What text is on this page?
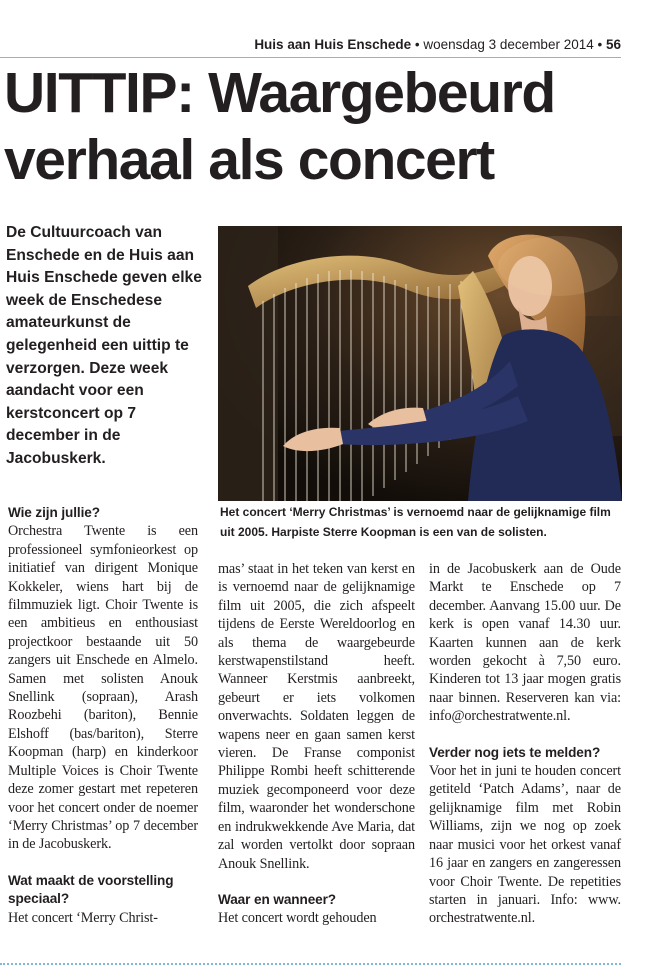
Huis aan Huis Enschede • woensdag 3 december 2014 • 56
UITTIP: Waargebeurd
verhaal als concert

De Cultuurcoach van Enschede en de Huis aan Huis Enschede geven elke week de Enschedese amateurkunst de gelegenheid een uittip te verzorgen. Deze week aandacht voor een kerstconcert op 7 december in de Jacobuskerk.

Het concert ‘Merry Christmas’ is vernoemd naar de gelijknamige film uit 2005. Harpiste Sterre Koopman is een van de solisten.

Wie zijn jullie?

Orchestra Twente is een professioneel symfonieorkest op initiatief van dirigent Monique Kokkeler, wiens hart bij de filmmuziek ligt. Choir Twente is een ambitieus en enthousiast projectkoor bestaande uit 50 zangers uit Enschede en Almelo. Samen met solisten Anouk Snellink (sopraan), Arash Roozbehi (bariton), Bennie Elshoff (bas/bariton), Sterre Koopman (harp) en kinderkoor Multiple Voices is Choir Twente deze zomer gestart met repeteren voor het concert onder de noemer ‘Merry Christmas’ op 7 december in de Jacobuskerk.

Wat maakt de voorstelling speciaal?

Het concert ‘Merry Christ-

mas’ staat in het teken van kerst en is vernoemd naar de gelijknamige film uit 2005, die zich afspeelt tijdens de Eerste Wereldoorlog en als thema de waargebeurde kerstwapenstilstand heeft. Wanneer Kerstmis aanbreekt, gebeurt er iets volkomen onverwachts. Soldaten leggen de wapens neer en gaan samen kerst vieren. De Franse componist Philippe Rombi heeft schitterende muziek gecomponeerd voor deze film, waaronder het wonderschone en indrukwekkende Ave Maria, dat zal worden vertolkt door sopraan Anouk Snellink.

Waar en wanneer?

Het concert wordt gehouden

in de Jacobuskerk aan de Oude Markt te Enschede op 7 december. Aanvang 15.00 uur. De kerk is open vanaf 14.30 uur. Kaarten kunnen aan de kerk worden gekocht à 7,50 euro. Kinderen tot 13 jaar mogen gratis naar binnen. Reserveren kan via: info@orchestratwente.nl.

Verder nog iets te melden?

Voor het in juni te houden concert getiteld ‘Patch Adams’, naar de gelijknamige film met Robin Williams, zijn we nog op zoek naar musici voor het orkest vanaf 16 jaar en zangers en zangeressen voor Choir Twente. De repetities starten in januari. Info: www. orchestratwente.nl.
